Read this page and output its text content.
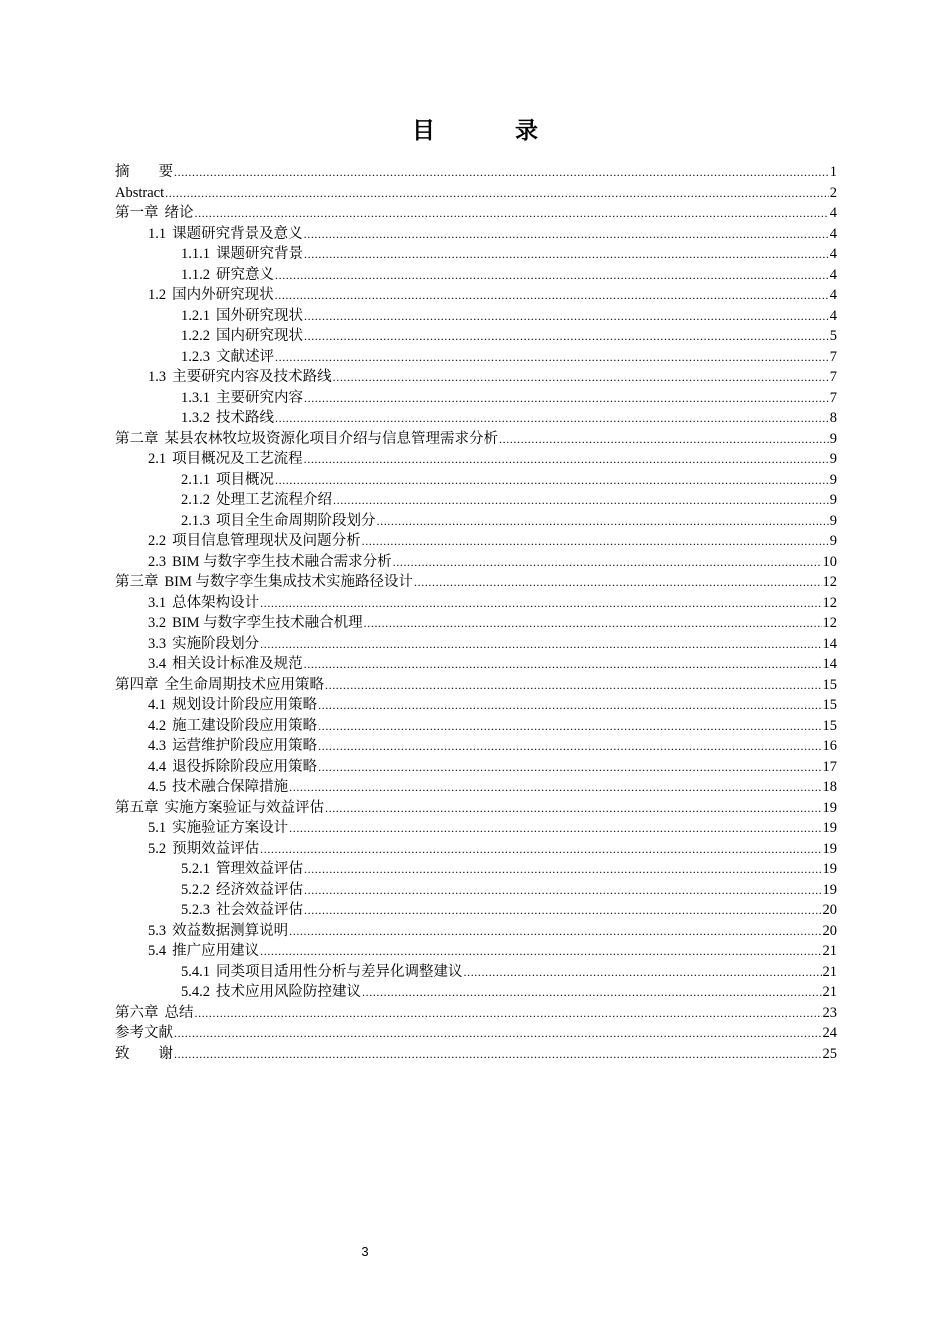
目 录
摘　　要 .....	1
Abstract .....	2
第一章 绪论 .....	4
1.1 课题研究背景及意义 .....	4
1.1.1 课题研究背景 .....	4
1.1.2 研究意义 .....	4
1.2 国内外研究现状 .....	4
1.2.1 国外研究现状 .....	4
1.2.2 国内研究现状 .....	5
1.2.3 文献述评 .....	7
1.3 主要研究内容及技术路线 .....	7
1.3.1 主要研究内容 .....	7
1.3.2 技术路线 .....	8
第二章 某县农林牧垃圾资源化项目介绍与信息管理需求分析 .....	9
2.1 项目概况及工艺流程 .....	9
2.1.1 项目概况 .....	9
2.1.2 处理工艺流程介绍 .....	9
2.1.3 项目全生命周期阶段划分 .....	9
2.2 项目信息管理现状及问题分析 .....	9
2.3 BIM 与数字孪生技术融合需求分析 .....	10
第三章 BIM 与数字孪生集成技术实施路径设计 .....	12
3.1 总体架构设计 .....	12
3.2 BIM 与数字孪生技术融合机理 .....	12
3.3 实施阶段划分 .....	14
3.4 相关设计标准及规范 .....	14
第四章 全生命周期技术应用策略 .....	15
4.1 规划设计阶段应用策略 .....	15
4.2 施工建设阶段应用策略 .....	15
4.3 运营维护阶段应用策略 .....	16
4.4 退役拆除阶段应用策略 .....	17
4.5 技术融合保障措施 .....	18
第五章 实施方案验证与效益评估 .....	19
5.1 实施验证方案设计 .....	19
5.2 预期效益评估 .....	19
5.2.1 管理效益评估 .....	19
5.2.2 经济效益评估 .....	19
5.2.3 社会效益评估 .....	20
5.3 效益数据测算说明 .....	20
5.4 推广应用建议 .....	21
5.4.1 同类项目适用性分析与差异化调整建议 .....	21
5.4.2 技术应用风险防控建议 .....	21
第六章 总结 .....	23
参考文献 .....	24
致　　谢 .....	25
3
